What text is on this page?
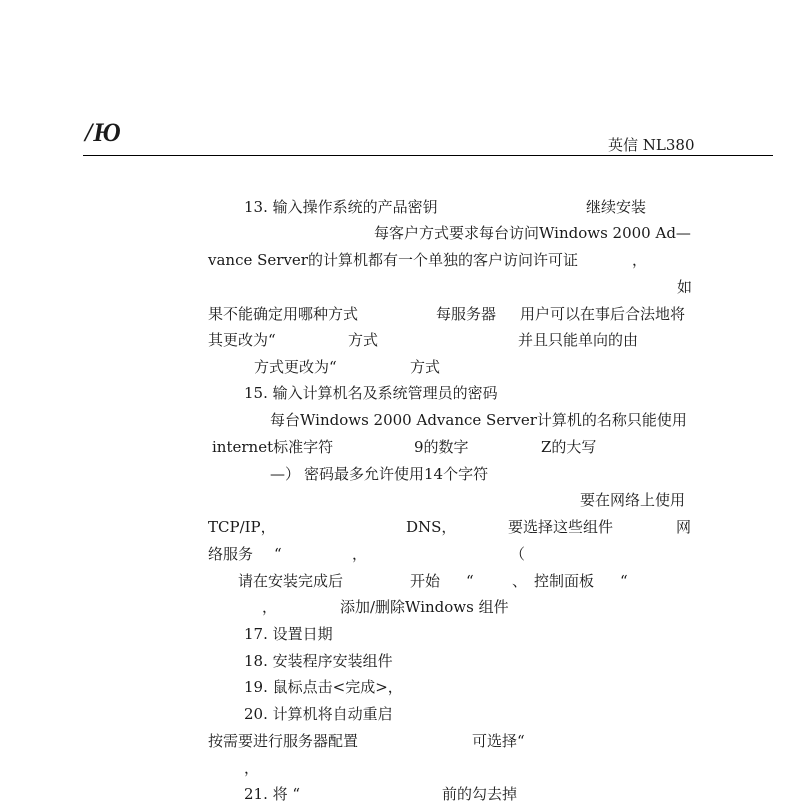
/Ю	英信 NL380
13. 输入操作系统的产品密钥	继续安装
每客户方式要求每台访问Windows 2000 Ad—
vance Server的计算机都有一个单独的客户访问许可证	，
如
果不能确定用哪种方式	每服务器 用户可以在事后合法地将
其更改为“	方式	并且只能单向的由
方式更改为“	方式
15. 输入计算机名及系统管理员的密码
每台Windows 2000 Advance Server计算机的名称只能使用
internet标准字符	9的数字	Z的大写
—） 密码最多允许使用14个字符
要在网络上使用
TCP/IP，	DNS，	要选择这些组件	网
络服务 “	，	（
请在安装完成后	开始 “	、 控制面板 “
，	添加/删除Windows 组件
17. 设置日期
18. 安装程序安装组件
19. 鼠标点击<完成>，
20. 计算机将自动重启
按需要进行服务器配置	可选择“
，
21. 将 “	前的勾去掉
